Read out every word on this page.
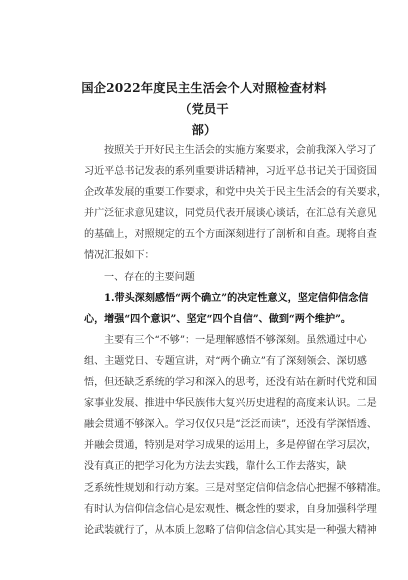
国企2022年度民主生活会个人对照检查材料（党员干
部）
按照关于开好民主生活会的实施方案要求，会前我深入学习了
习近平总书记发表的系列重要讲话精神，习近平总书记关于国资国
企改革发展的重要工作要求，和党中央关于民主生活会的有关要求，
并广泛征求意见建议，同党员代表开展谈心谈话，在汇总有关意见
的基础上，对照规定的五个方面深刻进行了剖析和自查。现将自查
情况汇报如下：
一、存在的主要问题
1.带头深刻感悟“两个确立”的决定性意义，坚定信仰信念信
心，增强“四个意识”、坚定“四个自信”、做到“两个维护”。
主要有三个“不够”：一是理解感悟不够深刻。虽然通过中心
组、主题党日、专题宣讲，对“两个确立”有了深刻领会、深切感
悟，但还缺乏系统的学习和深入的思考，还没有站在新时代党和国
家事业发展、推进中华民族伟大复兴历史进程的高度来认识。二是
融会贯通不够深入。学习仅仅只是“泛泛而读”，还没有学深悟透、
并融会贯通，特别是对学习成果的运用上，多是停留在学习层次，
没有真正的把学习化为方法去实践，靠什么工作去落实，缺
乏系统性规划和行动方案。三是对坚定信仰信念信心把握不够精准。
有时认为信仰信念信心是宏观性、概念性的要求，自身加强科学理
论武装就行了，从本质上忽略了信仰信念信心其实是一种强大精神
